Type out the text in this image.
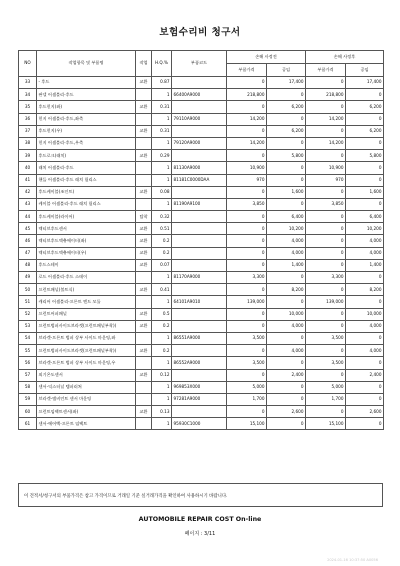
보험수리비 청구서
NO	작업항목 및 부품명	작업	H.Q.%	부품코드	손해 사정전		손해 사정후	
					부품가격	공임	부품가격	공임
33	- 후드	교환	0.87		0	17,400	0	17,400
34	판넬 어셈블리-후드		1	66400A9000	218,800	0	218,800	0
35	후드힌지(좌)	교환	0.31		0	6,200	0	6,200
36	힌지 어셈블리-후드,좌측		1	79110A9000	14,200	0	14,200	0
37	후드힌지(우)	교환	0.31		0	6,200	0	6,200
38	힌지 어셈블리-후드,우측		1	79120A9000	14,200	0	14,200	0
39	후드로크(래치)	교환	0.29		0	5,800	0	5,800
40	래치 어셈블리-후드		1	81130A9000	10,900	0	10,900	0
41	핸들 어셈블리-후드 래치 릴리스		1	81181C0000DAA	970	0	970	0
42	후드케이블(조인트)	교환	0.08		0	1,600	0	1,600
43	케이블 어셈블리-후드 래치 릴리스		1	81190A9100	3,850	0	3,850	0
44	후드케이블(라이어)	탈착	0.32		0	6,400	0	6,400
45	엑티브후드센서	교환	0.51		0	10,200	0	10,200
46	엑티브후드액츄에이터(좌)	교환	0.2		0	4,000	0	4,000
47	엑티브후드액츄에이터(우)	교환	0.2		0	4,000	0	4,000
48	후드스테이	교환	0.07		0	1,400	0	1,400
49	로드 어셈블리-후드 스테이		1	81170A9000	3,300	0	3,300	0
50	프런트패널(볼트식)	교환	0.41		0	8,200	0	8,200
51	캐리어 어셈블리-프론트 엔드 모듈		1	64101A9010	139,000	0	139,000	0
52	프런트어퍼패널	교환	0.5		0	10,000	0	10,000
53	프런트범퍼사이드브라켓(프런트패널부착)(	교환	0.2		0	4,000	0	4,000
54	브라켓-프론트 범퍼 상부 사이드 마운팅,좌		1	86551A9000	3,500	0	3,500	0
55	프런트범퍼사이드브라켓(프런트패널부착)(	교환	0.2		0	4,000	0	4,000
56	브라켓-프론트 범퍼 상부 사이드 마운팅,우		1	86552A9000	3,500	0	3,500	0
57	외기온도센서	교환	0.12		0	2,400	0	2,400
58	센서-익스터널 템퍼러쳐		1	969853X000	5,000	0	5,000	0
59	브라켓-앰비언트 센서 마운팅		1	97281A9000	1,700	0	1,700	0
60	프런트임팩트센서(좌)	교환	0.13		0	2,600	0	2,600
61	센서-에어백-프론트 임팩트		1	95930C1000	15,100	0	15,100	0
이 견적서/청구서의 부품가격은 참고 가격이므로 거래일 기준 실거래가격을 확인하여 사용하시기 바랍니다.
AUTOMOBILE REPAIR COST On-line
페이지 : 3/11
2024-01-16 10:37:50 A0056
